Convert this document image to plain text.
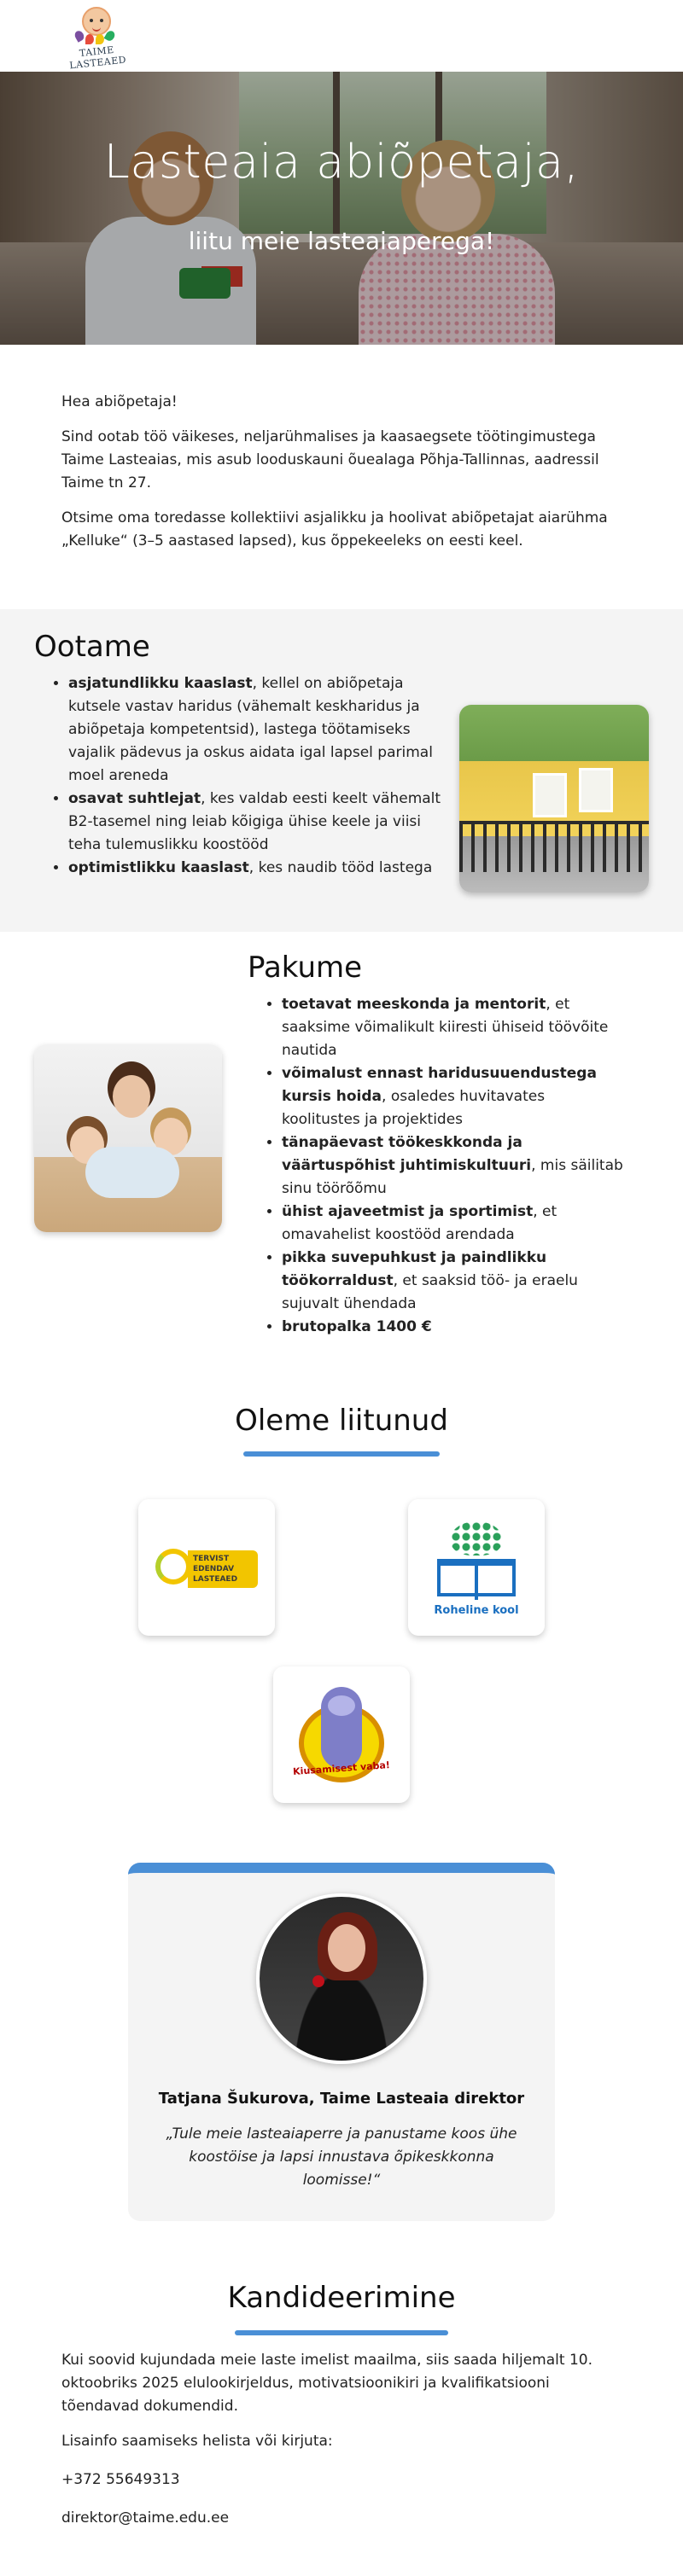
TAIME LASTEAED
Lasteaia abiõpetaja,
liitu meie lasteaiaperega!

Hea abiõpetaja!

Sind ootab töö väikeses, neljarühmalises ja kaasaegsete töötingimustega Taime Lasteaias, mis asub looduskauni õuealaga Põhja-Tallinnas, aadressil Taime tn 27.

Otsime oma toredasse kollektiivi asjalikku ja hoolivat abiõpetajat aiarühma „Kelluke“ (3–5 aastased lapsed), kus õppekeeleks on eesti keel.

Ootame
• asjatundlikku kaaslast, kellel on abiõpetaja kutsele vastav haridus (vähemalt keskharidus ja abiõpetaja kompetentsid), lastega töötamiseks vajalik pädevus ja oskus aidata igal lapsel parimal moel areneda
• osavat suhtlejat, kes valdab eesti keelt vähemalt B2-tasemel ning leiab kõigiga ühise keele ja viisi teha tulemuslikku koostööd
• optimistlikku kaaslast, kes naudib tööd lastega
Pakume
• toetavat meeskonda ja mentorit, et saaksime võimalikult kiiresti ühiseid töövõite nautida
• võimalust ennast haridusuuendustega kursis hoida, osaledes huvitavates koolitustes ja projektides
• tänapäevast töökeskkonda ja väärtuspõhist juhtimiskultuuri, mis säilitab sinu töörõõmu
• ühist ajaveetmist ja sportimist, et omavahelist koostööd arendada
• pikka suvepuhkust ja paindlikku töökorraldust, et saaksid töö- ja eraelu sujuvalt ühendada
• brutopalka 1400 €
Oleme liitunud
TERVIST EDENDAV LASTEAED
Roheline kool
Kiusamisest vaba!
Tatjana Šukurova, Taime Lasteaia direktor
„Tule meie lasteaiaperre ja panustame koos ühe koostöise ja lapsi innustava õpikeskkonna loomisse!“
Kandideerimine

Kui soovid kujundada meie laste imelist maailma, siis saada hiljemalt 10. oktoobriks 2025 elulookirjeldus, motivatsioonikiri ja kvalifikatsiooni tõendavad dokumendid.

Lisainfo saamiseks helista või kirjuta:

+372 55649313

direktor@taime.edu.ee
